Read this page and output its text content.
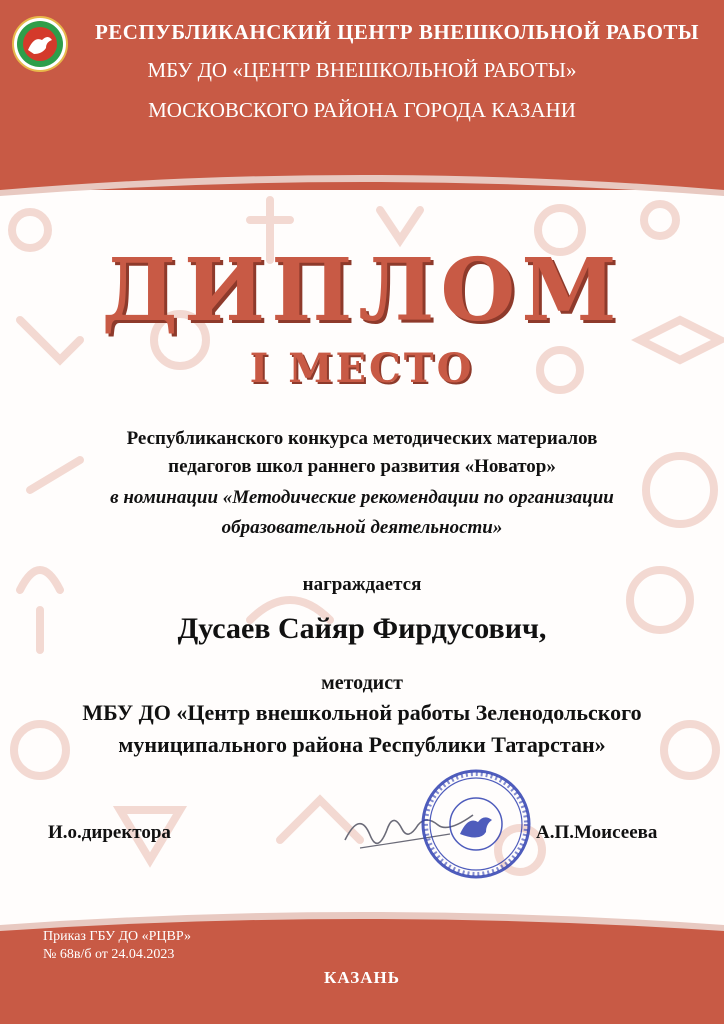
РЕСПУБЛИКАНСКИЙ ЦЕНТР ВНЕШКОЛЬНОЙ РАБОТЫ
МБУ ДО «ЦЕНТР ВНЕШКОЛЬНОЙ РАБОТЫ»
МОСКОВСКОГО РАЙОНА ГОРОДА КАЗАНИ
ДИПЛОМ
I МЕСТО
Республиканского конкурса методических материалов
педагогов школ раннего развития «Новатор»
в номинации «Методические рекомендации по организации
образовательной деятельности»
награждается
Дусаев Сайяр Фирдусович,
методист
МБУ ДО «Центр внешкольной работы Зеленодольского
муниципального района Республики Татарстан»
И.о.директора	А.П.Моисеева
Приказ ГБУ ДО «РЦВР»
№ 68в/б от 24.04.2023
КАЗАНЬ
